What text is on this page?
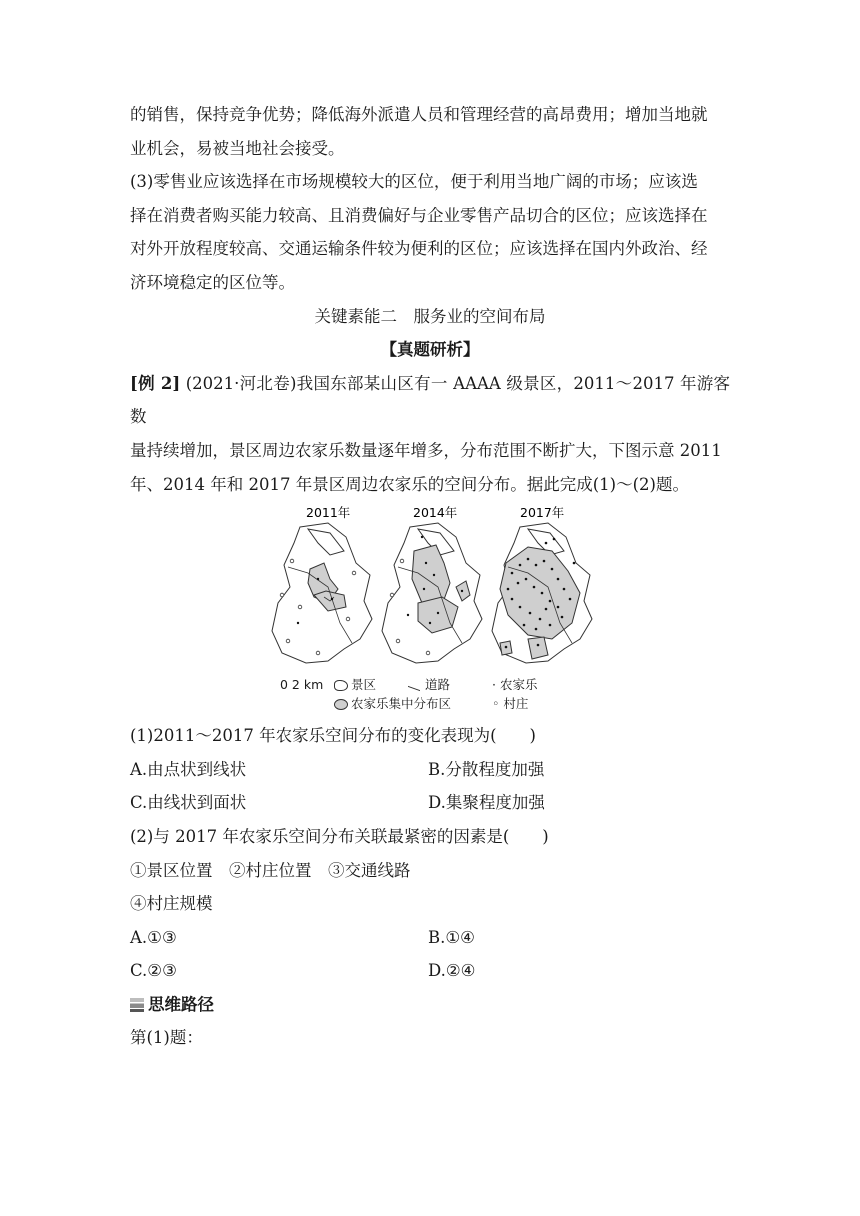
的销售，保持竞争优势；降低海外派遣人员和管理经营的高昂费用；增加当地就

业机会，易被当地社会接受。

(3)零售业应该选择在市场规模较大的区位，便于利用当地广阔的市场；应该选

择在消费者购买能力较高、且消费偏好与企业零售产品切合的区位；应该选择在

对外开放程度较高、交通运输条件较为便利的区位；应该选择在国内外政治、经

济环境稳定的区位等。

关键素能二　服务业的空间布局

【真题研析】

[例 2] (2021·河北卷)我国东部某山区有一 AAAA 级景区，2011～2017 年游客数

量持续增加，景区周边农家乐数量逐年增多，分布范围不断扩大，下图示意 2011

年、2014 年和 2017 年景区周边农家乐的空间分布。据此完成(1)～(2)题。

2011年	2014年	2017年
0 2 km	景区	道路	· 农家乐
农家乐集中分布区	◦ 村庄

(1)2011～2017 年农家乐空间分布的变化表现为(　　)

A.由点状到线状	B.分散程度加强
C.由线状到面状	D.集聚程度加强

(2)与 2017 年农家乐空间分布关联最紧密的因素是(　　)

①景区位置　②村庄位置　③交通线路

④村庄规模

A.①③	B.①④
C.②③	D.②④
思维路径

第(1)题：
